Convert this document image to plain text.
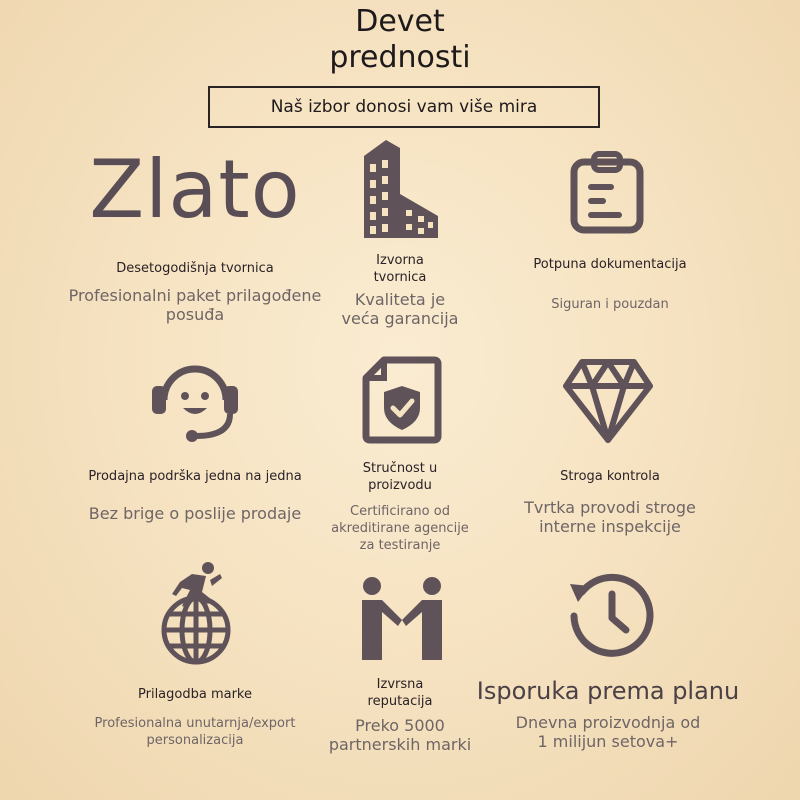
Devet
prednosti
Naš izbor donosi vam više mira
Zlato
Desetogodišnja tvornica
Profesionalni paket prilagođene posuđa
Izvorna
tvornica
Kvaliteta je
veća garancija
Potpuna dokumentacija
Siguran i pouzdan
Prodajna podrška jedna na jedna
Bez brige o poslije prodaje
Stručnost u
proizvodu
Certificirano od
akreditirane agencije
za testiranje
Stroga kontrola
Tvrtka provodi stroge
interne inspekcije
Prilagodba marke
Profesionalna unutarnja/export
personalizacija
Izvrsna
reputacija
Preko 5000
partnerskih marki
Isporuka prema planu
Dnevna proizvodnja od
1 milijun setova+
